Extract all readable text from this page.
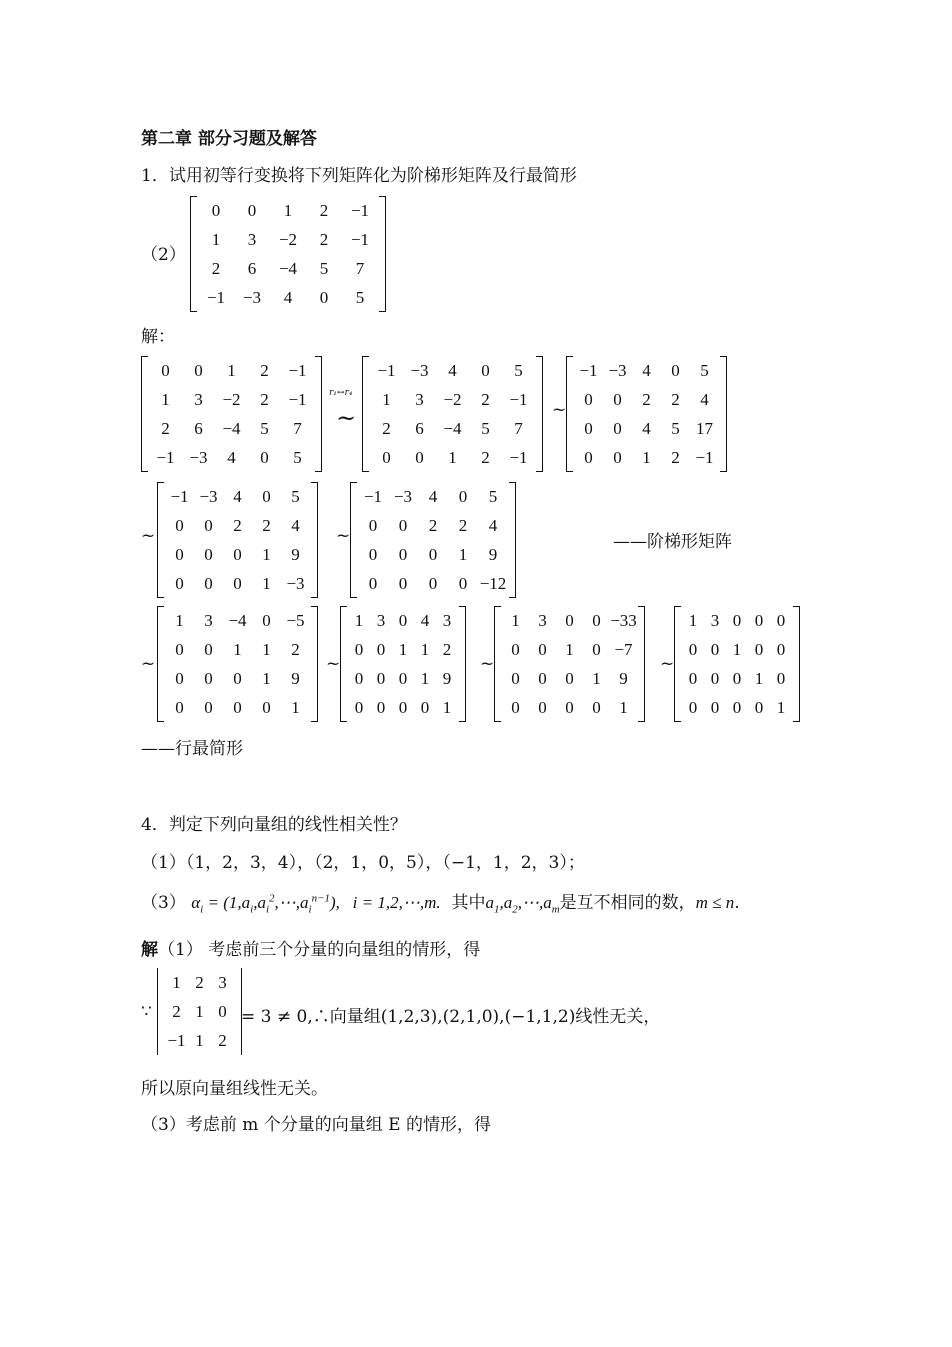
第二章 部分习题及解答
1．试用初等行变换将下列矩阵化为阶梯形矩阵及行最简形
（2）
0	0	1	2	−1
1	3	−2	2	−1
2	6	−4	5	7
−1	−3	4	0	5
解：
0	0	1	2	−1
1	3	−2	2	−1
2	6	−4	5	7
−1	−3	4	0	5
r₁↔r₄
~
−1	−3	4	0	5
1	3	−2	2	−1
2	6	−4	5	7
0	0	1	2	−1
~
−1	−3	4	0	5
0	0	2	2	4
0	0	4	5	17
0	0	1	2	−1
~
−1	−3	4	0	5
0	0	2	2	4
0	0	0	1	9
0	0	0	1	−3
~
−1	−3	4	0	5
0	0	2	2	4
0	0	0	1	9
0	0	0	0	−12
——阶梯形矩阵
~
1	3	−4	0	−5
0	0	1	1	2
0	0	0	1	9
0	0	0	0	1
~
1	3	0	4	3
0	0	1	1	2
0	0	0	1	9
0	0	0	0	1
~
1	3	0	0	−33
0	0	1	0	−7
0	0	0	1	9
0	0	0	0	1
~
1	3	0	0	0
0	0	1	0	0
0	0	0	1	0
0	0	0	0	1
——行最简形
4．判定下列向量组的线性相关性？
（1）（1，2，3，4），（2，1，0，5），（−1，1，2，3）；
（3） $\alpha_i$ = $(1,a_i,a_i^2,\cdots,a_i^{n-1})$,   i = 1,2,⋯,m. 其中$a_1,a_2,\cdots,a_m$是互不相同的数，m ≤ n.
解（1） 考虑前三个分量的向量组的情形，得
∵
1	2	3
2	1	0
−1	1	2
= 3 ≠ 0,∴向量组(1,2,3),(2,1,0),(−1,1,2)线性无关，
所以原向量组线性无关。
（3）考虑前 m 个分量的向量组 E 的情形，得
